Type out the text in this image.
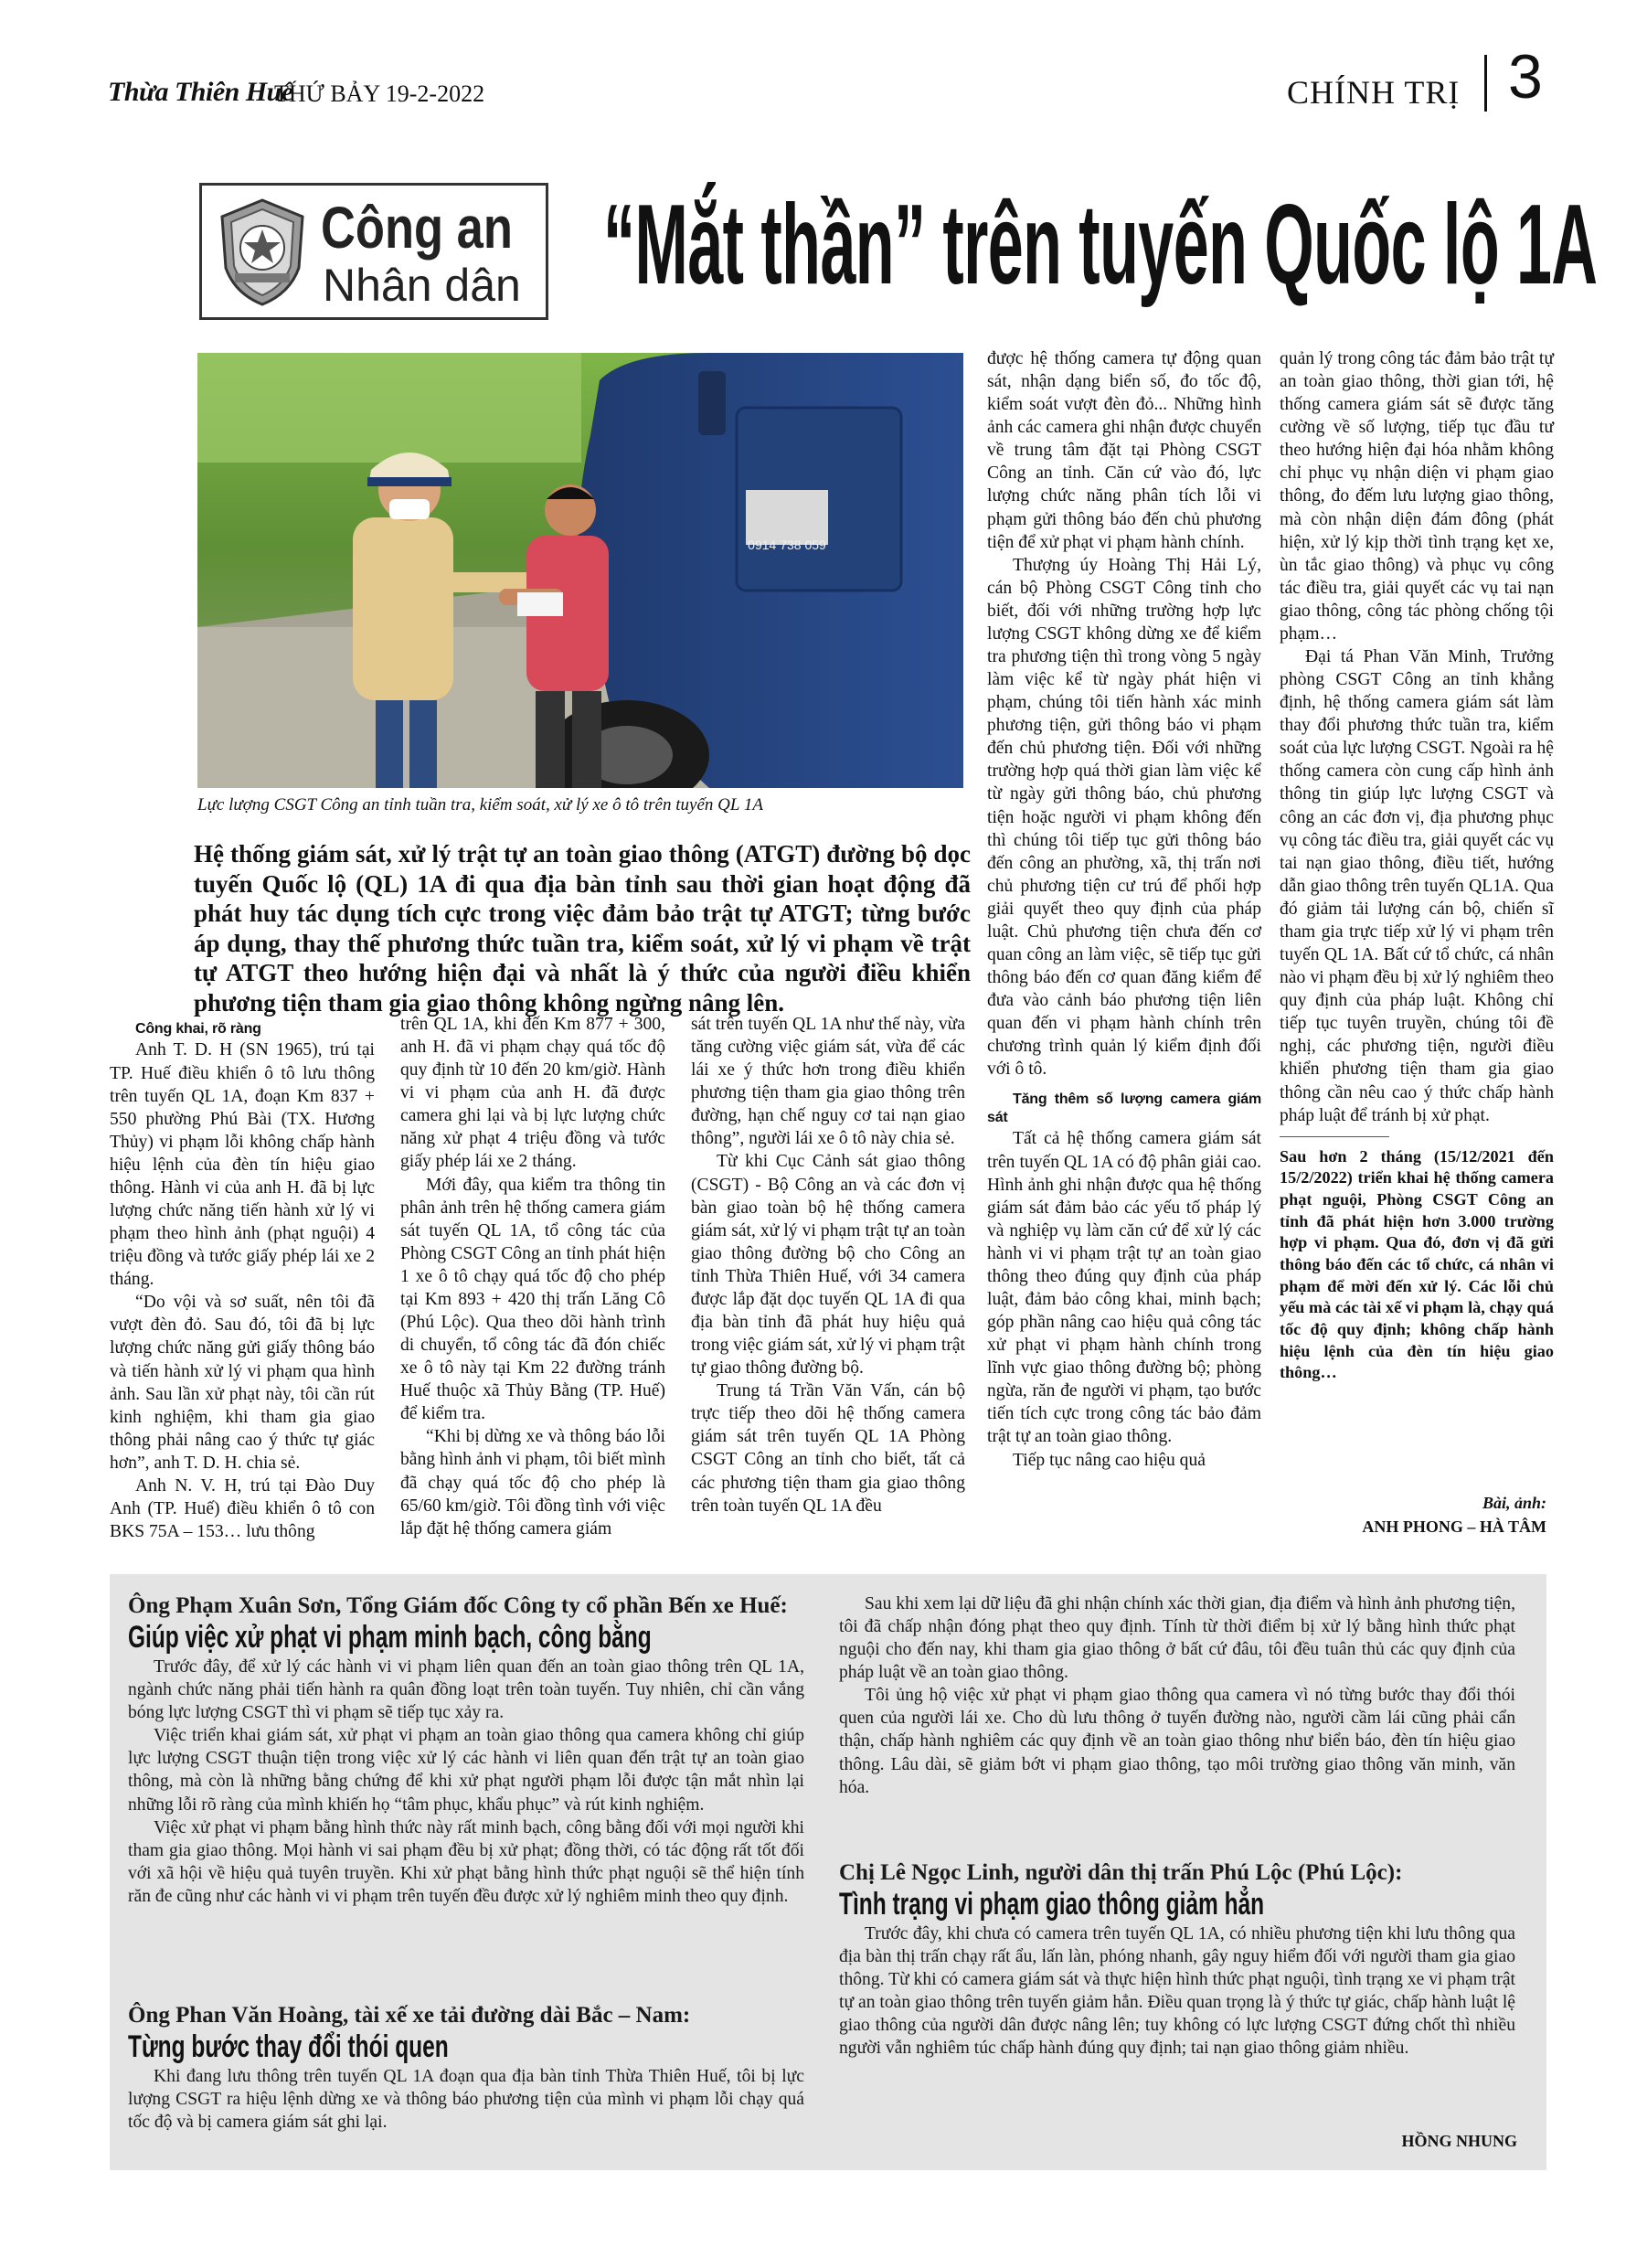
Thừa Thiên Huế
THỨ BẢY 19-2-2022	CHÍNH TRỊ 3
Công an
Nhân dân “Mắt thần” trên tuyến Quốc lộ 1A
0914 738 059
Lực lượng CSGT Công an tỉnh tuần tra, kiểm soát, xử lý xe ô tô trên tuyến QL 1A
Hệ thống giám sát, xử lý trật tự an toàn giao thông (ATGT) đường bộ dọc tuyến Quốc lộ (QL) 1A đi qua địa bàn tỉnh sau thời gian hoạt động đã phát huy tác dụng tích cực trong việc đảm bảo trật tự ATGT; từng bước áp dụng, thay thế phương thức tuần tra, kiểm soát, xử lý vi phạm về trật tự ATGT theo hướng hiện đại và nhất là ý thức của người điều khiển phương tiện tham gia giao thông không ngừng nâng lên.

Công khai, rõ ràng

Anh T. D. H (SN 1965), trú tại TP. Huế điều khiển ô tô lưu thông trên tuyến QL 1A, đoạn Km 837 + 550 phường Phú Bài (TX. Hương Thủy) vi phạm lỗi không chấp hành hiệu lệnh của đèn tín hiệu giao thông. Hành vi của anh H. đã bị lực lượng chức năng tiến hành xử lý vi phạm theo hình ảnh (phạt nguội) 4 triệu đồng và tước giấy phép lái xe 2 tháng.

“Do vội và sơ suất, nên tôi đã vượt đèn đỏ. Sau đó, tôi đã bị lực lượng chức năng gửi giấy thông báo và tiến hành xử lý vi phạm qua hình ảnh. Sau lần xử phạt này, tôi cần rút kinh nghiệm, khi tham gia giao thông phải nâng cao ý thức tự giác hơn”, anh T. D. H. chia sẻ.

Anh N. V. H, trú tại Đào Duy Anh (TP. Huế) điều khiển ô tô con BKS 75A – 153… lưu thông

trên QL 1A, khi đến Km 877 + 300, anh H. đã vi phạm chạy quá tốc độ quy định từ 10 đến 20 km/giờ. Hành vi vi phạm của anh H. đã được camera ghi lại và bị lực lượng chức năng xử phạt 4 triệu đồng và tước giấy phép lái xe 2 tháng.

Mới đây, qua kiểm tra thông tin phân ảnh trên hệ thống camera giám sát tuyến QL 1A, tổ công tác của Phòng CSGT Công an tỉnh phát hiện 1 xe ô tô chạy quá tốc độ cho phép tại Km 893 + 420 thị trấn Lăng Cô (Phú Lộc). Qua theo dõi hành trình di chuyển, tổ công tác đã đón chiếc xe ô tô này tại Km 22 đường tránh Huế thuộc xã Thủy Bằng (TP. Huế) để kiểm tra.

“Khi bị dừng xe và thông báo lỗi bằng hình ảnh vi phạm, tôi biết mình đã chạy quá tốc độ cho phép là 65/60 km/giờ. Tôi đồng tình với việc lắp đặt hệ thống camera giám

sát trên tuyến QL 1A như thế này, vừa tăng cường việc giám sát, vừa để các lái xe ý thức hơn trong điều khiển phương tiện tham gia giao thông trên đường, hạn chế nguy cơ tai nạn giao thông”, người lái xe ô tô này chia sẻ.

Từ khi Cục Cảnh sát giao thông (CSGT) - Bộ Công an và các đơn vị bàn giao toàn bộ hệ thống camera giám sát, xử lý vi phạm trật tự an toàn giao thông đường bộ cho Công an tỉnh Thừa Thiên Huế, với 34 camera được lắp đặt dọc tuyến QL 1A đi qua địa bàn tỉnh đã phát huy hiệu quả trong việc giám sát, xử lý vi phạm trật tự giao thông đường bộ.

Trung tá Trần Văn Vấn, cán bộ trực tiếp theo dõi hệ thống camera giám sát trên tuyến QL 1A Phòng CSGT Công an tỉnh cho biết, tất cả các phương tiện tham gia giao thông trên toàn tuyến QL 1A đều

được hệ thống camera tự động quan sát, nhận dạng biển số, đo tốc độ, kiểm soát vượt đèn đỏ... Những hình ảnh các camera ghi nhận được chuyển về trung tâm đặt tại Phòng CSGT Công an tỉnh. Căn cứ vào đó, lực lượng chức năng phân tích lỗi vi phạm gửi thông báo đến chủ phương tiện để xử phạt vi phạm hành chính.

Thượng úy Hoàng Thị Hải Lý, cán bộ Phòng CSGT Công tỉnh cho biết, đối với những trường hợp lực lượng CSGT không dừng xe để kiểm tra phương tiện thì trong vòng 5 ngày làm việc kể từ ngày phát hiện vi phạm, chúng tôi tiến hành xác minh phương tiện, gửi thông báo vi phạm đến chủ phương tiện. Đối với những trường hợp quá thời gian làm việc kể từ ngày gửi thông báo, chủ phương tiện hoặc người vi phạm không đến thì chúng tôi tiếp tục gửi thông báo đến công an phường, xã, thị trấn nơi chủ phương tiện cư trú để phối hợp giải quyết theo quy định của pháp luật. Chủ phương tiện chưa đến cơ quan công an làm việc, sẽ tiếp tục gửi thông báo đến cơ quan đăng kiểm để đưa vào cảnh báo phương tiện liên quan đến vi phạm hành chính trên chương trình quản lý kiểm định đối với ô tô.

Tăng thêm số lượng camera giám sát

Tất cả hệ thống camera giám sát trên tuyến QL 1A có độ phân giải cao. Hình ảnh ghi nhận được qua hệ thống giám sát đảm bảo các yếu tố pháp lý và nghiệp vụ làm căn cứ để xử lý các hành vi vi phạm trật tự an toàn giao thông theo đúng quy định của pháp luật, đảm bảo công khai, minh bạch; góp phần nâng cao hiệu quả công tác xử phạt vi phạm hành chính trong lĩnh vực giao thông đường bộ; phòng ngừa, răn đe người vi phạm, tạo bước tiến tích cực trong công tác bảo đảm trật tự an toàn giao thông.

Tiếp tục nâng cao hiệu quả

quản lý trong công tác đảm bảo trật tự an toàn giao thông, thời gian tới, hệ thống camera giám sát sẽ được tăng cường về số lượng, tiếp tục đầu tư theo hướng hiện đại hóa nhằm không chỉ phục vụ nhận diện vi phạm giao thông, đo đếm lưu lượng giao thông, mà còn nhận diện đám đông (phát hiện, xử lý kịp thời tình trạng kẹt xe, ùn tắc giao thông) và phục vụ công tác điều tra, giải quyết các vụ tai nạn giao thông, công tác phòng chống tội phạm…

Đại tá Phan Văn Minh, Trưởng phòng CSGT Công an tỉnh khẳng định, hệ thống camera giám sát làm thay đổi phương thức tuần tra, kiểm soát của lực lượng CSGT. Ngoài ra hệ thống camera còn cung cấp hình ảnh thông tin giúp lực lượng CSGT và công an các đơn vị, địa phương phục vụ công tác điều tra, giải quyết các vụ tai nạn giao thông, điều tiết, hướng dẫn giao thông trên tuyến QL1A. Qua đó giảm tải lượng cán bộ, chiến sĩ tham gia trực tiếp xử lý vi phạm trên tuyến QL 1A. Bất cứ tổ chức, cá nhân nào vi phạm đều bị xử lý nghiêm theo quy định của pháp luật. Không chỉ tiếp tục tuyên truyền, chúng tôi đề nghị, các phương tiện, người điều khiển phương tiện tham gia giao thông cần nêu cao ý thức chấp hành pháp luật để tránh bị xử phạt.

Sau hơn 2 tháng (15/12/2021 đến 15/2/2022) triển khai hệ thống camera phạt nguội, Phòng CSGT Công an tỉnh đã phát hiện hơn 3.000 trường hợp vi phạm. Qua đó, đơn vị đã gửi thông báo đến các tổ chức, cá nhân vi phạm để mời đến xử lý. Các lỗi chủ yếu mà các tài xế vi phạm là, chạy quá tốc độ quy định; không chấp hành hiệu lệnh của đèn tín hiệu giao thông…

Bài, ảnh:
ANH PHONG – HÀ TÂM
Ông Phạm Xuân Sơn, Tổng Giám đốc Công ty cổ phần Bến xe Huế:
Giúp việc xử phạt vi phạm minh bạch, công bằng

Trước đây, để xử lý các hành vi vi phạm liên quan đến an toàn giao thông trên QL 1A, ngành chức năng phải tiến hành ra quân đồng loạt trên toàn tuyến. Tuy nhiên, chỉ cần vắng bóng lực lượng CSGT thì vi phạm sẽ tiếp tục xảy ra.

Việc triển khai giám sát, xử phạt vi phạm an toàn giao thông qua camera không chỉ giúp lực lượng CSGT thuận tiện trong việc xử lý các hành vi liên quan đến trật tự an toàn giao thông, mà còn là những bằng chứng để khi xử phạt người phạm lỗi được tận mắt nhìn lại những lỗi rõ ràng của mình khiến họ “tâm phục, khẩu phục” và rút kinh nghiệm.

Việc xử phạt vi phạm bằng hình thức này rất minh bạch, công bằng đối với mọi người khi tham gia giao thông. Mọi hành vi sai phạm đều bị xử phạt; đồng thời, có tác động rất tốt đối với xã hội về hiệu quả tuyên truyền. Khi xử phạt bằng hình thức phạt nguội sẽ thể hiện tính răn đe cũng như các hành vi vi phạm trên tuyến đều được xử lý nghiêm minh theo quy định.

Ông Phan Văn Hoàng, tài xế xe tải đường dài Bắc – Nam:
Từng bước thay đổi thói quen

Khi đang lưu thông trên tuyến QL 1A đoạn qua địa bàn tỉnh Thừa Thiên Huế, tôi bị lực lượng CSGT ra hiệu lệnh dừng xe và thông báo phương tiện của mình vi phạm lỗi chạy quá tốc độ và bị camera giám sát ghi lại.

Sau khi xem lại dữ liệu đã ghi nhận chính xác thời gian, địa điểm và hình ảnh phương tiện, tôi đã chấp nhận đóng phạt theo quy định. Tính từ thời điểm bị xử lý bằng hình thức phạt nguội cho đến nay, khi tham gia giao thông ở bất cứ đâu, tôi đều tuân thủ các quy định của pháp luật về an toàn giao thông.

Tôi ủng hộ việc xử phạt vi phạm giao thông qua camera vì nó từng bước thay đổi thói quen của người lái xe. Cho dù lưu thông ở tuyến đường nào, người cầm lái cũng phải cẩn thận, chấp hành nghiêm các quy định về an toàn giao thông như biển báo, đèn tín hiệu giao thông. Lâu dài, sẽ giảm bớt vi phạm giao thông, tạo môi trường giao thông văn minh, văn hóa.

Chị Lê Ngọc Linh, người dân thị trấn Phú Lộc (Phú Lộc):
Tình trạng vi phạm giao thông giảm hẳn

Trước đây, khi chưa có camera trên tuyến QL 1A, có nhiều phương tiện khi lưu thông qua địa bàn thị trấn chạy rất ẩu, lấn làn, phóng nhanh, gây nguy hiểm đối với người tham gia giao thông. Từ khi có camera giám sát và thực hiện hình thức phạt nguội, tình trạng xe vi phạm trật tự an toàn giao thông trên tuyến giảm hẳn. Điều quan trọng là ý thức tự giác, chấp hành luật lệ giao thông của người dân được nâng lên; tuy không có lực lượng CSGT đứng chốt thì nhiều người vẫn nghiêm túc chấp hành đúng quy định; tai nạn giao thông giảm nhiều.

HỒNG NHUNG
